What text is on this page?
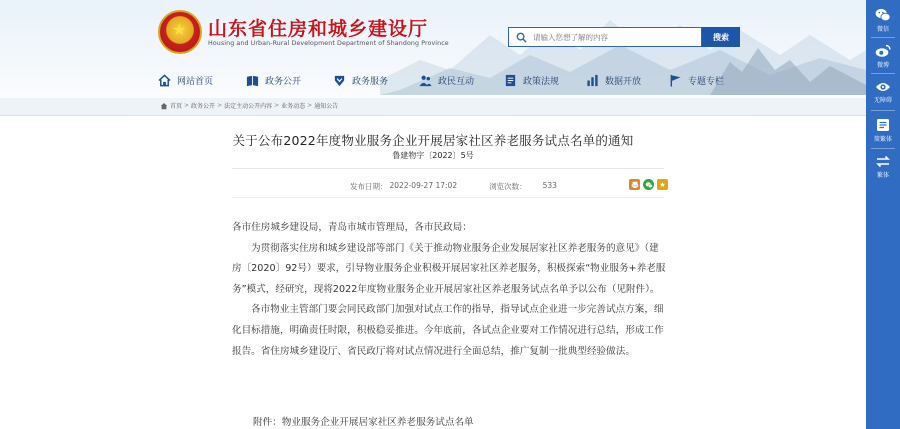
★ 山东省住房和城乡建设厅
Housing and Urban-Rural Development Department of Shandong Province
请输入您想了解的内容
搜索
网站首页	政务公开	政务服务	政民互动	政策法规	数据开放	专题专栏
首页 > 政务公开 > 法定主动公开内容 > 业务动态 > 通知公告
关于公布2022年度物业服务企业开展居家社区养老服务试点名单的通知
鲁建物字〔2022〕5号
发布日期： 2022-09-27 17:02	浏览次数： 533	★

各市住房城乡建设局，青岛市城市管理局，各市民政局：

为贯彻落实住房和城乡建设部等部门《关于推动物业服务企业发展居家社区养老服务的意见》（建房〔2020〕92号）要求，引导物业服务企业积极开展居家社区养老服务，积极探索“物业服务+养老服务”模式，经研究，现将2022年度物业服务企业开展居家社区养老服务试点名单予以公布（见附件）。

各市物业主管部门要会同民政部门加强对试点工作的指导，指导试点企业进一步完善试点方案，细化目标措施，明确责任时限，积极稳妥推进。今年底前，各试点企业要对工作情况进行总结，形成工作报告。省住房城乡建设厅、省民政厅将对试点情况进行全面总结，推广复制一批典型经验做法。

附件：物业服务企业开展居家社区养老服务试点名单
微信
微博
无障碍
简繁体
繁体
